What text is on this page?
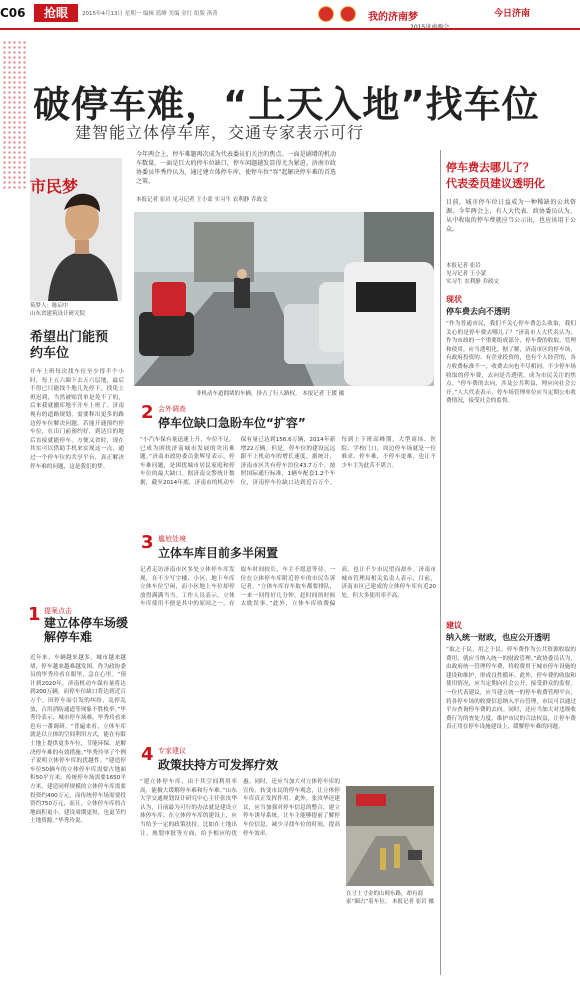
C06	抢眼	2015年4月13日 星期一 编辑 蓝峰 美编 金红 组版 洛菁	我的济南梦	今日济南
2015济南两会
破停车难，“上天入地”找车位
建智能立体停车库，交通专家表示可行
今年两会上，停车难题再次成为代表委员们关注的焦点。一面是剧增的机动车数量，一面是巨大的停车位缺口，停车问题越发显得尤为紧迫。济南市政协委员毕秀玲认为，通过建立体停车库，使停车位“容”起解决停车难的首选之策。
本报记者 崔岩 见习记者 王小蒙 实习生 农利静 乔政文
市民梦
筑梦人：陈启中
山东省建筑设计研究院
希望出门能预约车位
开车上班每次找车位至少得半个小时，每上五六圈下去五六层地，最后不得已只能找个地儿先停下，找免上班迟到，当然被贴罚单是免不了的，后来我就撤库地不开车上班了。济南现有的道路规划，需要释出更多的路边停车位解决问题。若能开通预约停车位，在出门前预约好，到达目的地后直接就能停车，方便又省时，现在其实可以借助手机来实现这一点，通过一个停车位的共享平台，真正解决停车难的问题，这是我们的梦。
非机动车道拥堵的车辆，挤占了行人路权。 本报记者 王媛 摄
2 会外调查
停车位缺口急盼车位“扩容”
“小汽车保有量迅速上升，车位不足，已成为困扰济南城市发展的突出难题。”济南市政协委员张辉星表示，停车难问题，是困扰城市居民家庭和停车位的最大缺口。据济南交警统计数据，截至2014年底，济南市的机动车保有量已达到156.6万辆，2014年新增22万辆。但是，停车位的建设远远跟不上机动车的增长速度。据统计，济南市区共有停车泊位43.7万个，按照国际通行标准，1辆车配套1.2个车位，济南停车位缺口达到近百万个。每到上下班高峰期，大型商场、医院、学校门口，周边停车场就是一位难求。停车难，不停车更难，也让不少车主为此苦不堪言。
3 尴尬处境
立体车库目前多半闲置
记者走访济南市区多处立体停车库发现，在不少写字楼、小区，地下车库立体车位空闲，而小区地上车位却停放得满满当当。工作人员表示，立体车库使用不便是其中的原因之一，存取车时间较长，车主不愿意等待。一位在立体停车库附近停车的市民告诉记者，“立体车库存车取车都要排队，一来一回得好几分钟，赶时间的时候太耽误事。”此外，立体车库收费偏高，也让不少市民望而却步。济南市城市管理局相关负责人表示，目前，济南市区已建成的立体停车库有近20处，但大多使用率不高。
1 提案点击
建立体停车场缓解停车难
近年来，车辆越来越多，城市越来越堵，停车越来越难越发困。作为政协委员的毕秀玲看在眼里，急在心里。“预计到2020年，济南机动车保有量将达到200万辆，而停车位缺口将达到近百万个，因停车而引发的纠纷，乱停乱放，占用消防通道等现象不胜枚举。”毕秀玲表示，城市停车场难，毕秀玲看来也有一番调研。“普遍来看，立体车库就是以立体的空间利用方式，能在有限土地上提供更多车位，节能环保，是解决停车难的有效措施。”毕秀玲举了个例子说明立体停车库的优越性。“建造停车位50辆车的立体停车库需要占地面积50平方米，传统停车场需要1650平方米，建造同样规模的立体停车库需要投资约400万元，而传统停车场需要投资约750万元，而且，立体停车库的占地面积更小，建设周期更短，也更节约土地资源。”毕秀玲说。
4 专家建议
政策扶持方可发挥疗效
“建立体停车库，由于其空间利用率高，能极大缓解停车难和行车难。”山东大学交通规划设计研究中心主任张汝华认为，目前最为可行的办法就是建设立体停车库。在立体停车库的建设上，应当给予一定的政策扶持，比如在土地出让、规划审批等方面，给予相应的优惠。同时，还应当加大对立体停车库的宣传，转变市民的停车观念，让立体停车库真正发挥作用。此外，张汝华还建议，应当加强对停车信息的整合，建立停车诱导系统，让车主能够提前了解停车位信息，减少寻找车位的时间，提高停车效率。
在寸土寸金的山师东路，却有商家“圈占”着车位。 本报记者 崔岩 摄
停车费去哪儿了？
代表委员建议透明化
目前，城市停车位日益成为一种稀缺的公共资源。今年两会上，有人大代表、政协委员认为，从中收取的停车费就应当公示出，也应该用于公众。
本报记者 崔岩
见习记者 王小蒙
实习生 农利静 乔政文
现状
停车费去向不透明
“作为普通市民，我们不关心停车费怎么收取，我们关心的是停车费去哪儿了？”济南市人大代表认为，作为市政的一个重要组成部分，停车费的收取、管理和使用，应当透明化。据了解，济南市区的停车场，有政府投资的、有企业投资的，也有个人经营的，各方收费标准不一，收费去向也不尽相同。不少停车场收取的停车费，去向是否透明，成为市民关注的焦点。“停车费的去向，涉及公共利益，理应向社会公开。”人大代表表示，停车场管理单位应当定期公布收费情况，接受社会的监督。
建议
纳入统一财政，也应公开透明
“取之于民，用之于民，停车费作为公共资源收取的费用，就应当纳入统一的财政管理。”政协委员认为，由政府统一管理停车费，将收费用于城市停车设施的建设和维护，形成良性循环。此外，停车费的收取和使用情况，应当定期向社会公开，接受群众的监督。一位代表建议，应当建立统一的停车收费管理平台，将各停车场的收费信息纳入平台管理，市民可以通过平台查询停车费的去向。同时，还应当加大对违规收费行为的查处力度，维护市民的合法权益，让停车费真正用在停车设施建设上，缓解停车难的问题。
